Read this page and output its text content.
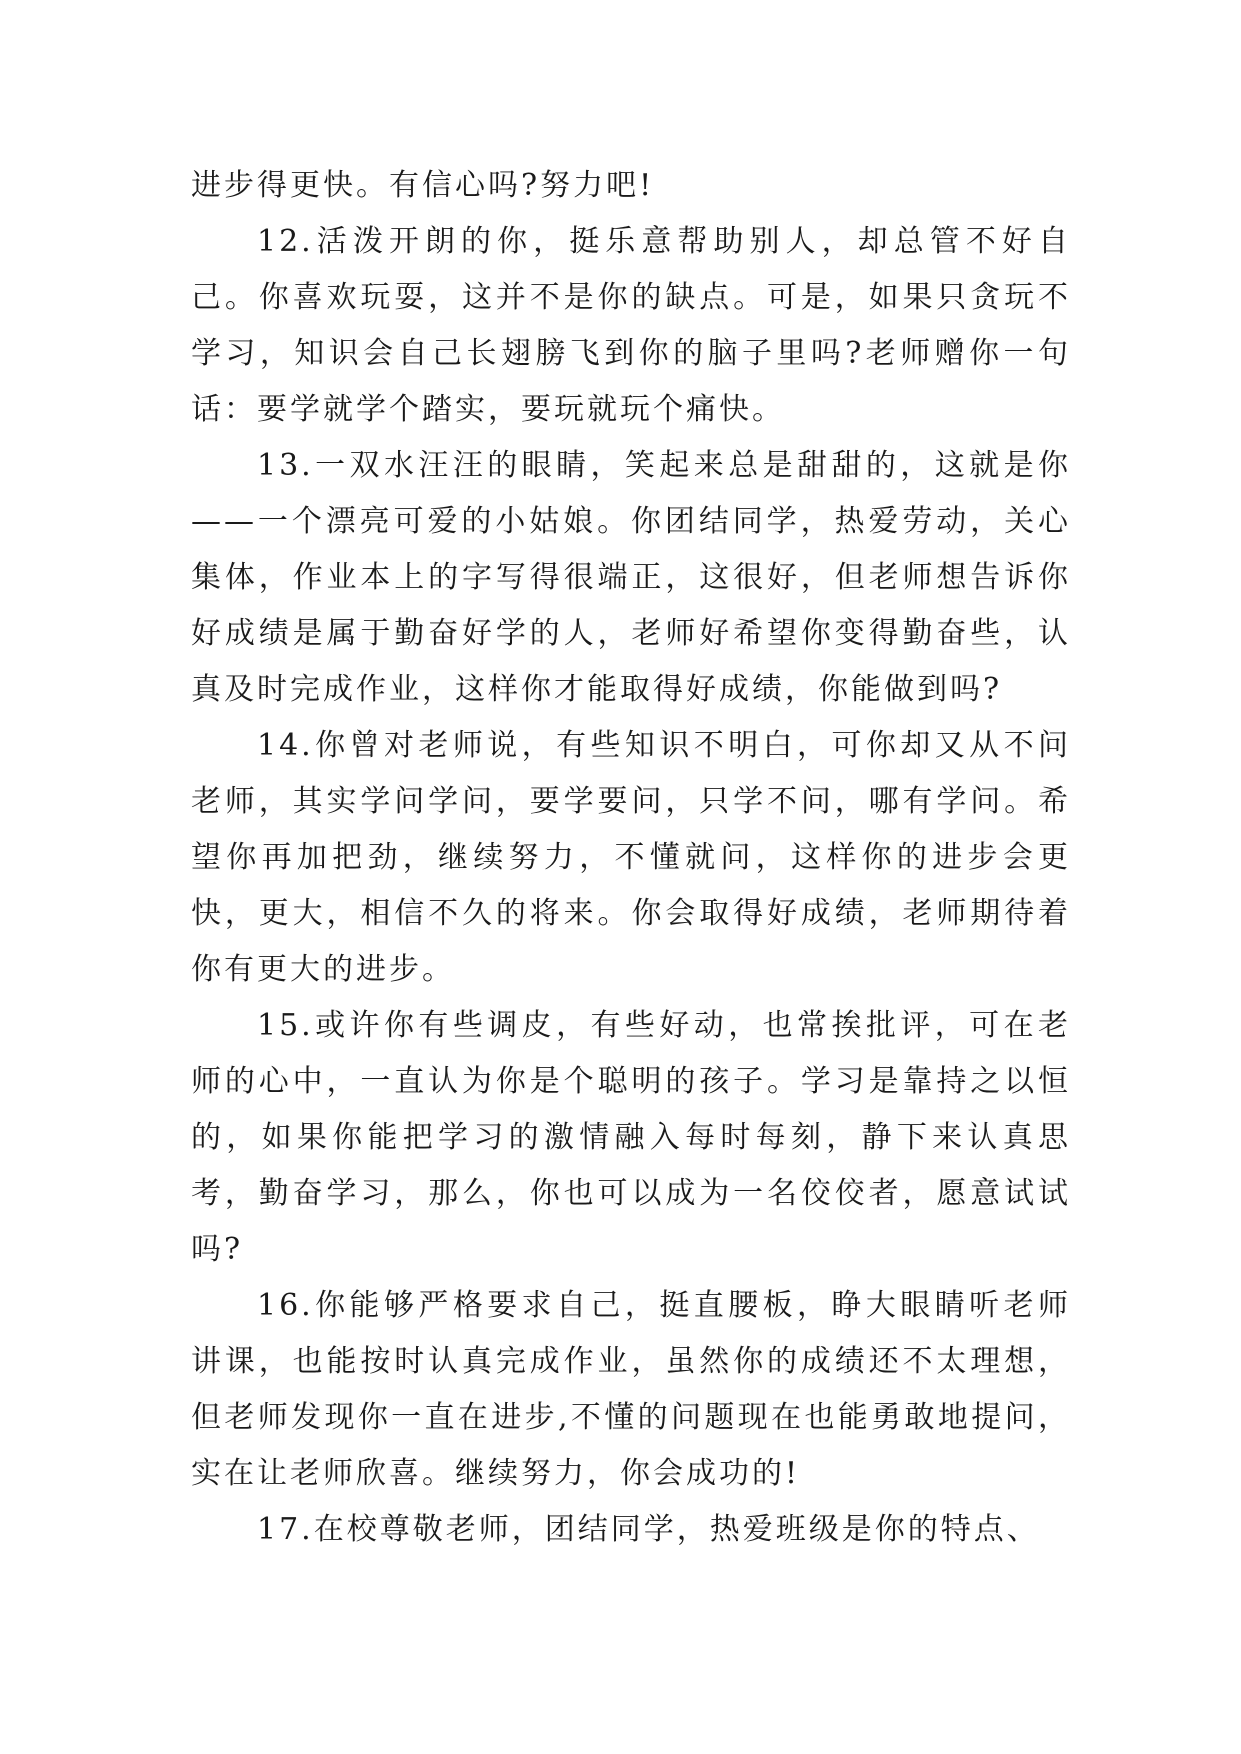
进步得更快。有信心吗?努力吧!

12.活泼开朗的你，挺乐意帮助别人，却总管不好自己。你喜欢玩耍，这并不是你的缺点。可是，如果只贪玩不学习，知识会自己长翅膀飞到你的脑子里吗?老师赠你一句话：要学就学个踏实，要玩就玩个痛快。

13.一双水汪汪的眼睛，笑起来总是甜甜的，这就是你——一个漂亮可爱的小姑娘。你团结同学，热爱劳动，关心集体，作业本上的字写得很端正，这很好，但老师想告诉你好成绩是属于勤奋好学的人，老师好希望你变得勤奋些，认真及时完成作业，这样你才能取得好成绩，你能做到吗?

14.你曾对老师说，有些知识不明白，可你却又从不问老师，其实学问学问，要学要问，只学不问，哪有学问。希望你再加把劲，继续努力，不懂就问，这样你的进步会更快，更大，相信不久的将来。你会取得好成绩，老师期待着你有更大的进步。

15.或许你有些调皮，有些好动，也常挨批评，可在老师的心中，一直认为你是个聪明的孩子。学习是靠持之以恒的，如果你能把学习的激情融入每时每刻，静下来认真思考，勤奋学习，那么，你也可以成为一名佼佼者，愿意试试吗?

16.你能够严格要求自己，挺直腰板，睁大眼睛听老师讲课，也能按时认真完成作业，虽然你的成绩还不太理想，但老师发现你一直在进步,不懂的问题现在也能勇敢地提问，实在让老师欣喜。继续努力，你会成功的!

17.在校尊敬老师，团结同学，热爱班级是你的特点、
